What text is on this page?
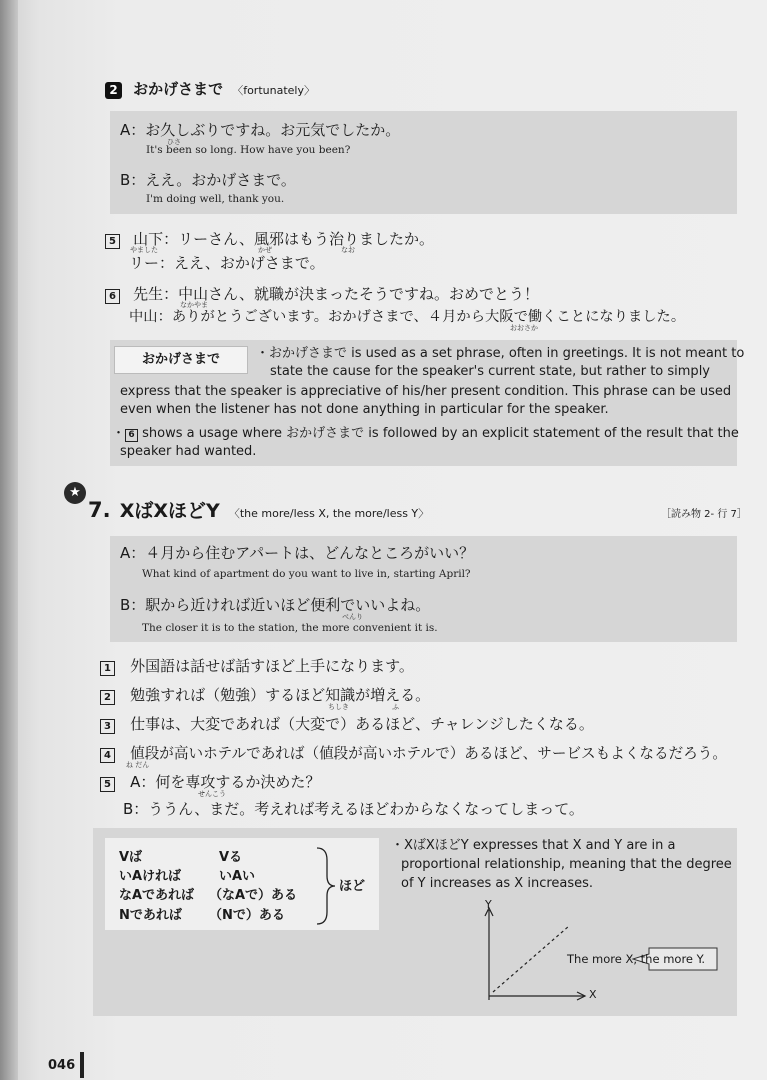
2 おかげさまで 〈fortunately〉
A：お久しぶりですね。お元気でしたか。
ひさ
It's been so long. How have you been?
B：ええ。おかげさまで。
I'm doing well, thank you.
5 山下：リーさん、風邪はもう治りましたか。
やました	かぜ	なお
リー：ええ、おかげさまで。
6 先生：中山さん、就職が決まったそうですね。おめでとう！
なかやま
中山：ありがとうございます。おかげさまで、４月から大阪で働くことになりました。
おおさか
おかげさまで	・おかげさまで is used as a set phrase, often in greetings. It is not meant to
state the cause for the speaker's current state, but rather to simply
express that the speaker is appreciative of his/her present condition. This phrase can be used
even when the listener has not done anything in particular for the speaker.
・ 6 shows a usage where おかげさまで is followed by an explicit statement of the result that the
speaker had wanted.
★
7. XばXほどY 〈the more/less X, the more/less Y〉	［読み物 2- 行 7］
A：４月から住むアパートは、どんなところがいい？
What kind of apartment do you want to live in, starting April?
B：駅から近ければ近いほど便利でいいよね。
べんり
The closer it is to the station, the more convenient it is.
1 外国語は話せば話すほど上手になります。
2 勉強すれば（勉強）するほど知識が増える。
ちしき	ふ
3 仕事は、大変であれば（大変で）あるほど、チャレンジしたくなる。
4 値段が高いホテルであれば（値段が高いホテルで）あるほど、サービスもよくなるだろう。
ね だん
5 A：何を専攻するか決めた？
せんこう
B：ううん、まだ。考えれば考えるほどわからなくなってしまって。
Vば	Vる
いAければ	いAい
なAであれば （なAで）ある
Nであれば （Nで）ある
ほど
・XばXほどY expresses that X and Y are in a
proportional relationship, meaning that the degree
of Y increases as X increases.
Y
X
The more X, the more Y.
046
